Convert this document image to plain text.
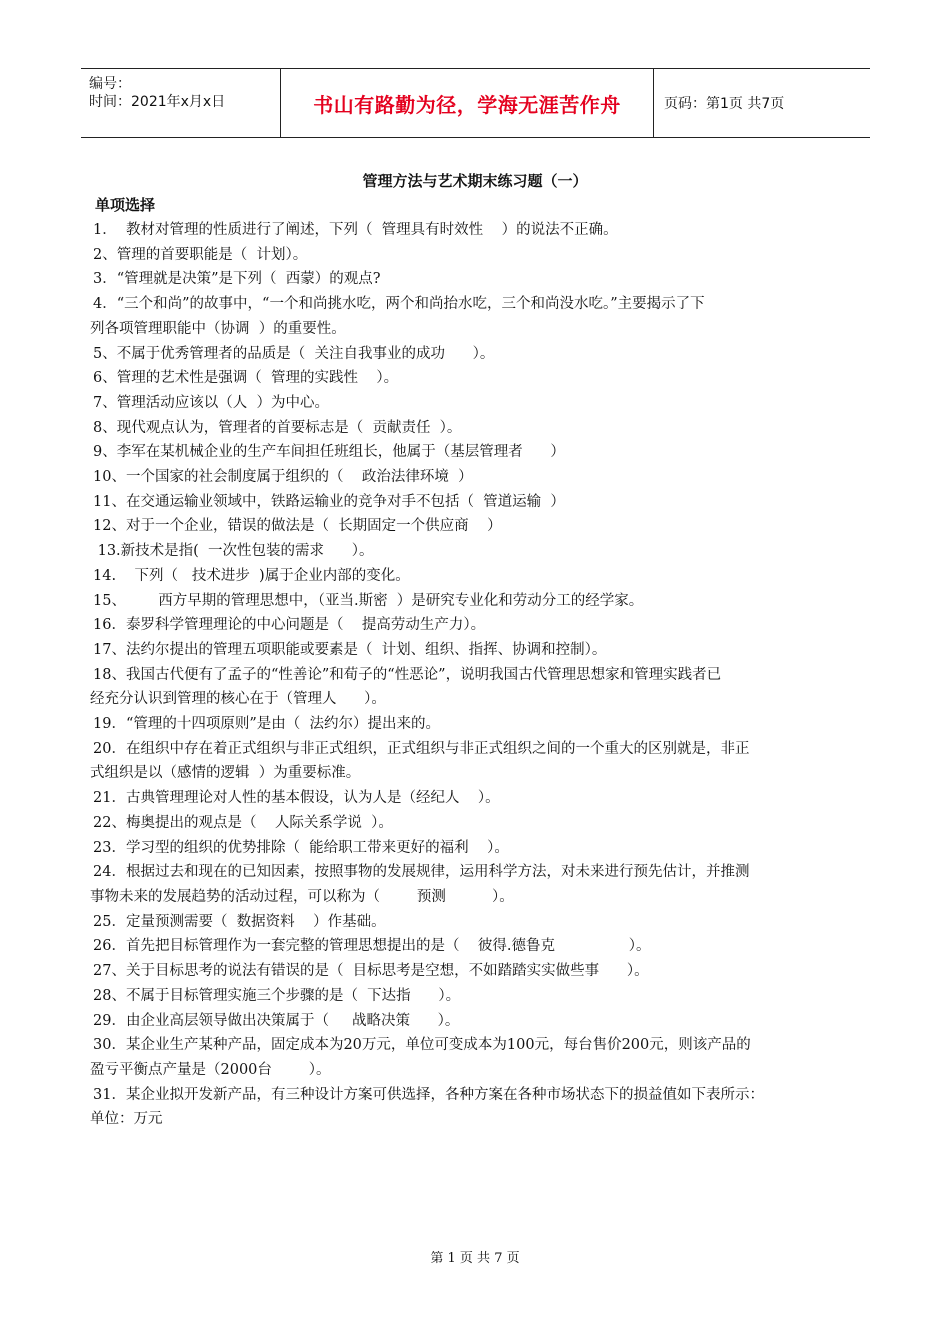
编号：
时间：2021年x月x日	书山有路勤为径，学海无涯苦作舟	页码：第1页 共7页
管理方法与艺术期末练习题（一）
单项选择
1．  教材对管理的性质进行了阐述，下列（  管理具有时效性    ）的说法不正确。
2、管理的首要职能是（  计划）。
3．“管理就是决策”是下列（  西蒙）的观点?
4．“三个和尚”的故事中，“一个和尚挑水吃，两个和尚抬水吃，三个和尚没水吃。”主要揭示了下
列各项管理职能中（协调  ）的重要性。
5、不属于优秀管理者的品质是（  关注自我事业的成功      ）。
6、管理的艺术性是强调（  管理的实践性    ）。
7、管理活动应该以（人  ）为中心。
8、现代观点认为，管理者的首要标志是（  贡献责任  ）。
9、李军在某机械企业的生产车间担任班组长，他属于（基层管理者      ）
10、一个国家的社会制度属于组织的（    政治法律环境  ）
11、在交通运输业领域中，铁路运输业的竞争对手不包括（  管道运输  ）
12、对于一个企业，错误的做法是（  长期固定一个供应商    ）
13.新技术是指(  一次性包装的需求      ）。
14.    下列（   技术进步  )属于企业内部的变化。
15、       西方早期的管理思想中，（亚当.斯密  ）是研究专业化和劳动分工的经学家。
16．泰罗科学管理理论的中心问题是（    提高劳动生产力）。
17、法约尔提出的管理五项职能或要素是（  计划、组织、指挥、协调和控制）。
18、我国古代便有了孟子的“性善论”和荀子的“性恶论”，说明我国古代管理思想家和管理实践者已
经充分认识到管理的核心在于（管理人      ）。
19．“管理的十四项原则”是由（  法约尔）提出来的。
20．在组织中存在着正式组织与非正式组织，正式组织与非正式组织之间的一个重大的区别就是，非正
式组织是以（感情的逻辑  ）为重要标准。
21．古典管理理论对人性的基本假设，认为人是（经纪人    ）。
22、梅奥提出的观点是（    人际关系学说  ）。
23．学习型的组织的优势排除（  能给职工带来更好的福利    ）。
24．根据过去和现在的已知因素，按照事物的发展规律，运用科学方法，对未来进行预先估计，并推测
事物未来的发展趋势的活动过程，可以称为（        预测          ）。
25．定量预测需要（  数据资料    ）作基础。
26．首先把目标管理作为一套完整的管理思想提出的是（    彼得.德鲁克                ）。
27、关于目标思考的说法有错误的是（  目标思考是空想，不如踏踏实实做些事      ）。
28、不属于目标管理实施三个步骤的是（  下达指      ）。
29．由企业高层领导做出决策属于（     战略决策      ）。
30．某企业生产某种产品，固定成本为20万元，单位可变成本为100元，每台售价200元，则该产品的
盈亏平衡点产量是（2000台        ）。
31．某企业拟开发新产品，有三种设计方案可供选择，各种方案在各种市场状态下的损益值如下表所示：
单位：万元
第 1 页 共 7 页
